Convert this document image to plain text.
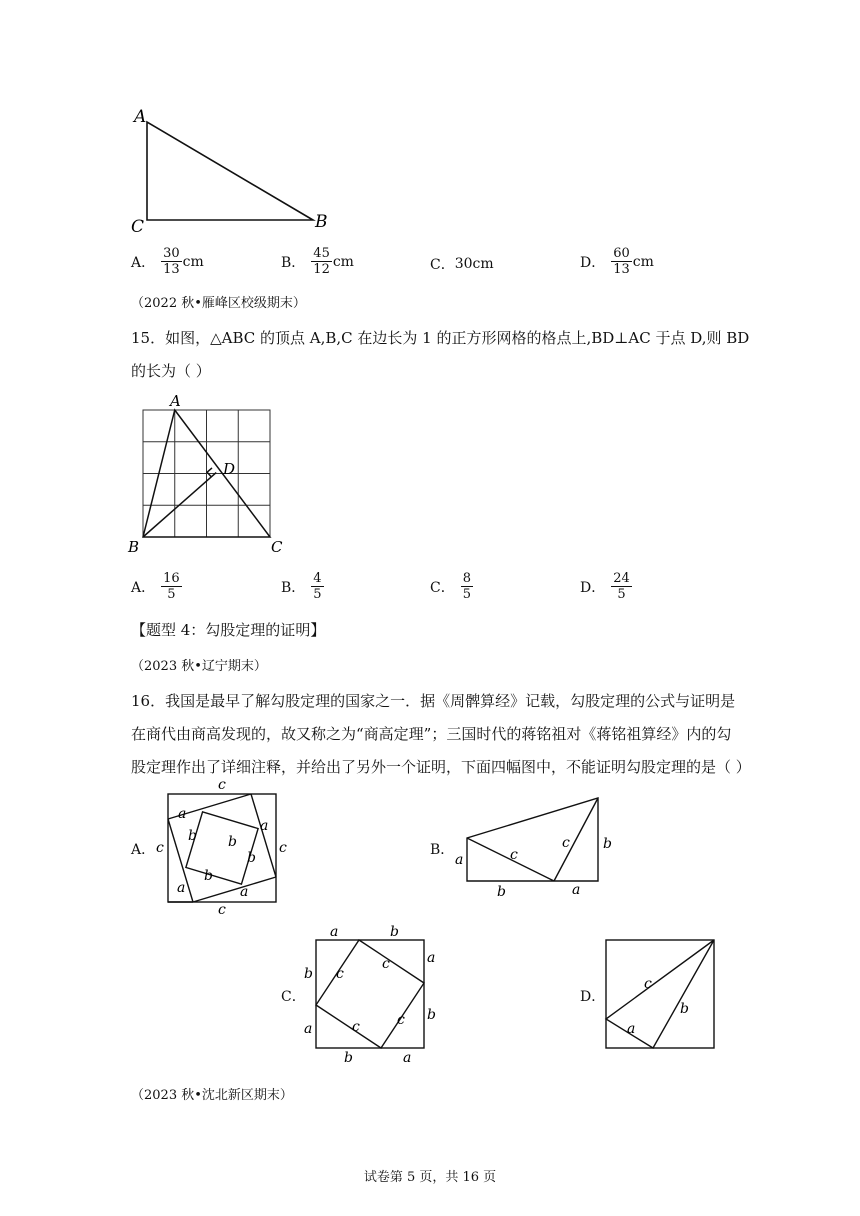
A
C	B
A． $\frac{30}{13}$ cm	B． $\frac{45}{12}$ cm	C．30cm	D． $\frac{60}{13}$ cm
（2022 秋•雁峰区校级期末）
15．如图，△ABC 的顶点 A,B,C 在边长为 1 的正方形网格的格点上,BD⊥AC 于点 D,则 BD
的长为（ ）
A
B	C
D
A． $\frac{16}{5}$	B． $\frac{4}{5}$	C． $\frac{8}{5}$	D． $\frac{24}{5}$
【题型 4：勾股定理的证明】
（2023 秋•辽宁期末）
16．我国是最早了解勾股定理的国家之一．据《周髀算经》记载，勾股定理的公式与证明是
在商代由商高发现的，故又称之为“商高定理”；三国时代的蒋铭祖对《蒋铭祖算经》内的勾
股定理作出了详细注释，并给出了另外一个证明，下面四幅图中，不能证明勾股定理的是（ ）
A．
c
c
c	c
a
b
a
b
b
a
b
a
B．
a	c
c b
b	a
C．
a	b
a
b
a
b
a
b c
c
c
c
D．
c
b
a
（2023 秋•沈北新区期末）
试卷第 5 页，共 16 页
